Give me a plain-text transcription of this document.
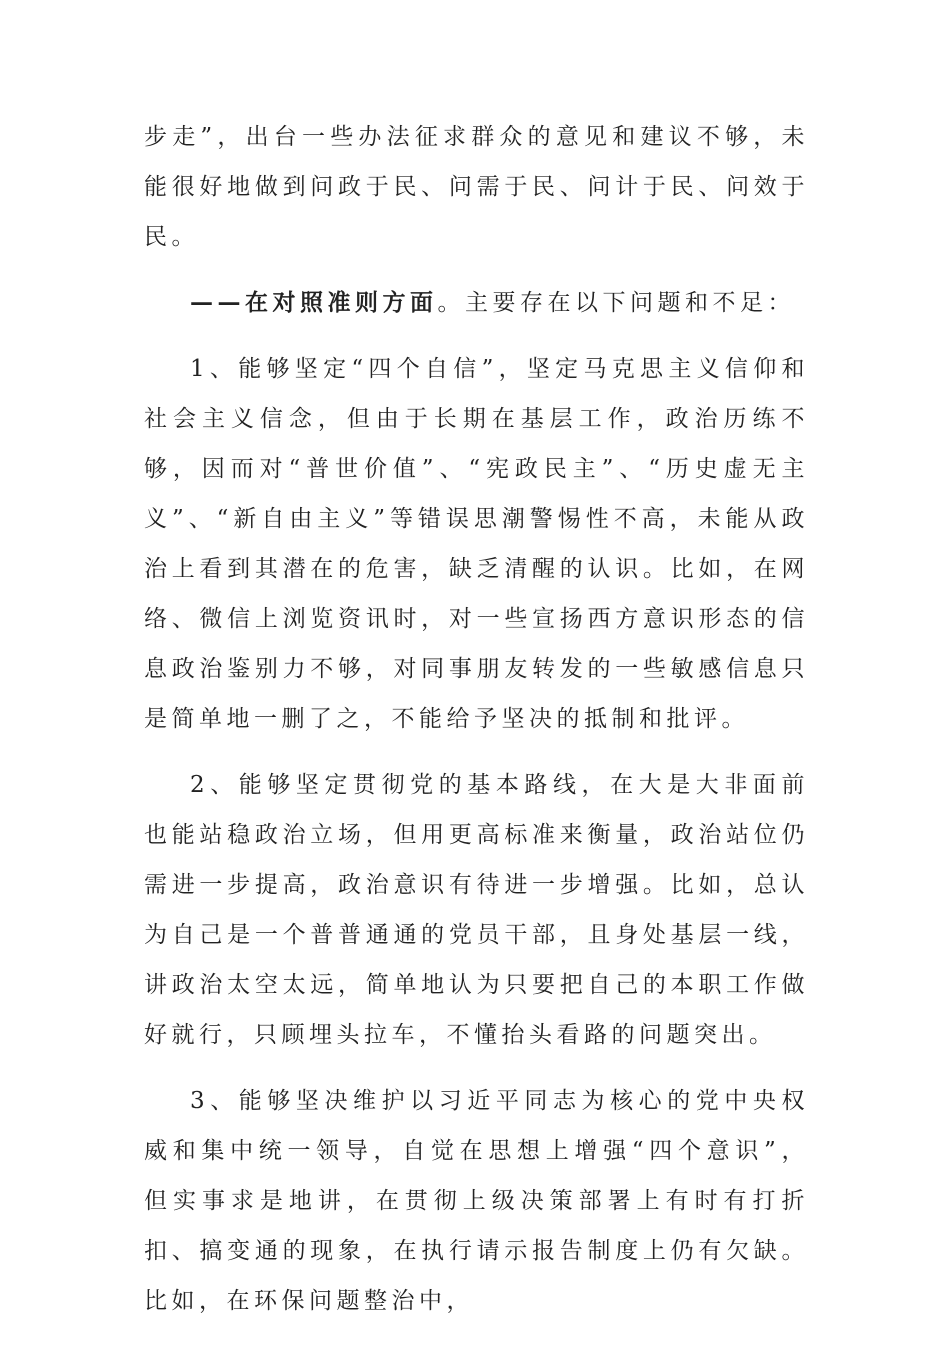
步走”，出台一些办法征求群众的意见和建议不够，未能很好地做到问政于民、问需于民、问计于民、问效于民。

——在对照准则方面。主要存在以下问题和不足：

1、能够坚定“四个自信”，坚定马克思主义信仰和社会主义信念，但由于长期在基层工作，政治历练不够，因而对“普世价值”、“宪政民主”、“历史虚无主义”、“新自由主义”等错误思潮警惕性不高，未能从政治上看到其潜在的危害，缺乏清醒的认识。比如，在网络、微信上浏览资讯时，对一些宣扬西方意识形态的信息政治鉴别力不够，对同事朋友转发的一些敏感信息只是简单地一删了之，不能给予坚决的抵制和批评。

2、能够坚定贯彻党的基本路线，在大是大非面前也能站稳政治立场，但用更高标准来衡量，政治站位仍需进一步提高，政治意识有待进一步增强。比如，总认为自己是一个普普通通的党员干部，且身处基层一线，讲政治太空太远，简单地认为只要把自己的本职工作做好就行，只顾埋头拉车，不懂抬头看路的问题突出。

3、能够坚决维护以习近平同志为核心的党中央权威和集中统一领导，自觉在思想上增强“四个意识”，但实事求是地讲，在贯彻上级决策部署上有时有打折扣、搞变通的现象，在执行请示报告制度上仍有欠缺。比如，在环保问题整治中，
